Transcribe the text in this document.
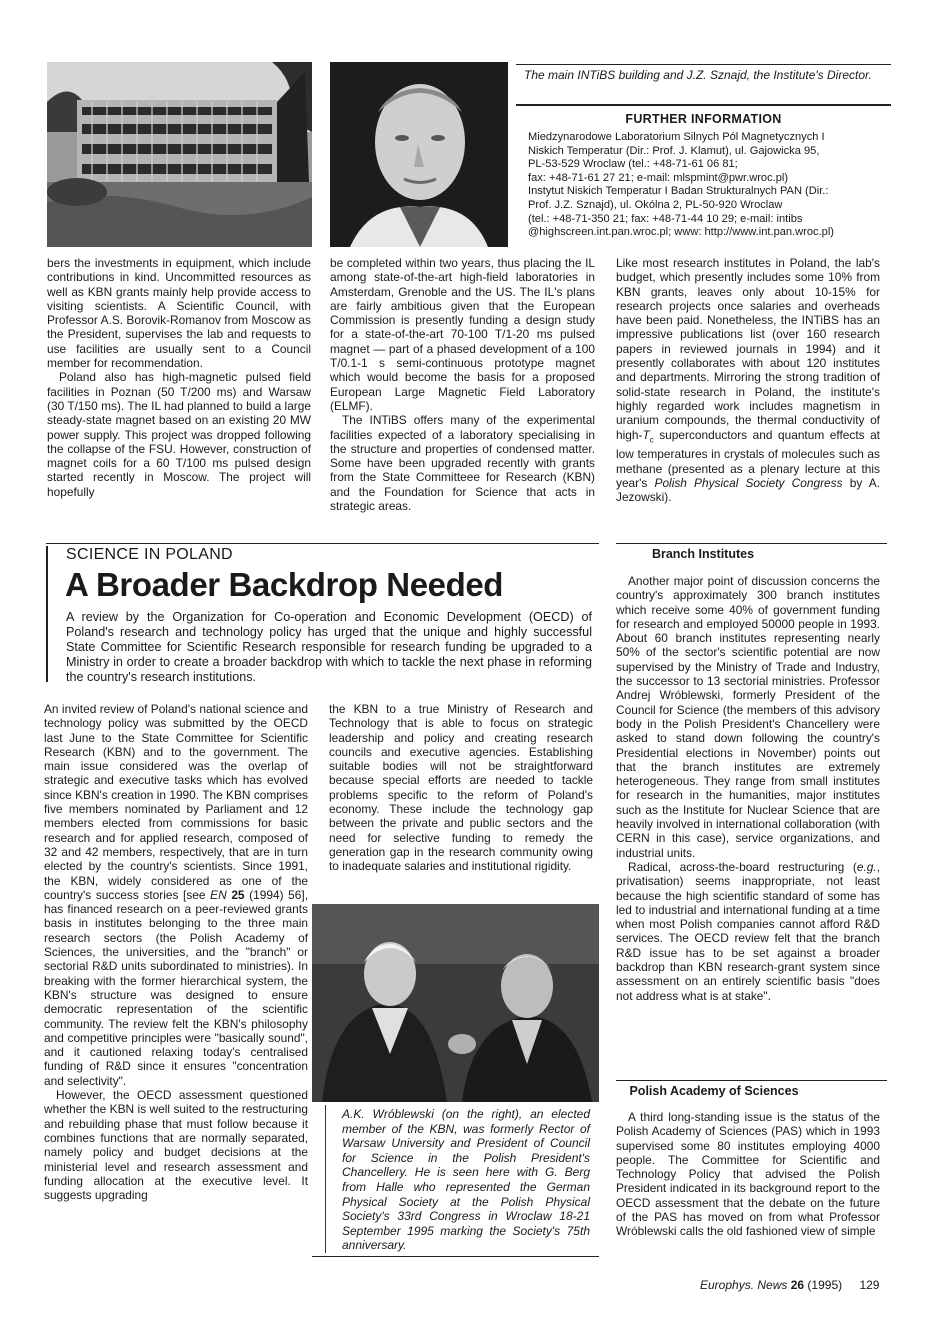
The main INTiBS building and J.Z. Sznajd, the Institute's Director.
FURTHER INFORMATION
Miedzynarodowe Laboratorium Silnych Pól Magnetycznych I
Niskich Temperatur (Dir.: Prof. J. Klamut), ul. Gajowicka 95,
PL-53-529 Wroclaw (tel.: +48-71-61 06 81;
fax: +48-71-61 27 21; e-mail: mlspmint@pwr.wroc.pl)
Instytut Niskich Temperatur I Badan Strukturalnych PAN (Dir.:
Prof. J.Z. Sznajd), ul. Okólna 2, PL-50-920 Wroclaw
(tel.: +48-71-350 21; fax: +48-71-44 10 29; e-mail: intibs
@highscreen.int.pan.wroc.pl; www: http://www.int.pan.wroc.pl)

bers the investments in equipment, which include contributions in kind. Uncommitted resources as well as KBN grants mainly help provide access to visiting scientists. A Scientific Council, with Professor A.S. Borovik-Romanov from Moscow as the President, supervises the lab and requests to use facilities are usually sent to a Council member for recommendation.

Poland also has high-magnetic pulsed field facilities in Poznan (50 T/200 ms) and Warsaw (30 T/150 ms). The IL had planned to build a large steady-state magnet based on an existing 20 MW power supply. This project was dropped following the collapse of the FSU. However, construction of magnet coils for a 60 T/100 ms pulsed design started recently in Moscow. The project will hopefully

be completed within two years, thus placing the IL among state-of-the-art high-field laboratories in Amsterdam, Grenoble and the US. The IL's plans are fairly ambitious given that the European Commission is presently funding a design study for a state-of-the-art 70-100 T/1-20 ms pulsed magnet — part of a phased development of a 100 T/0.1-1 s semi-continuous prototype magnet which would become the basis for a proposed European Large Magnetic Field Laboratory (ELMF).

The INTiBS offers many of the experimental facilities expected of a laboratory specialising in the structure and properties of condensed matter. Some have been upgraded recently with grants from the State Committeee for Research (KBN) and the Foundation for Science that acts in strategic areas.

Like most research institutes in Poland, the lab's budget, which presently includes some 10% from KBN grants, leaves only about 10-15% for research projects once salaries and overheads have been paid. Nonetheless, the INTiBS has an impressive publications list (over 160 research papers in reviewed journals in 1994) and it presently collaborates with about 120 institutes and departments. Mirroring the strong tradition of solid-state research in Poland, the institute's highly regarded work includes magnetism in uranium compounds, the thermal conductivity of high-$T_c$ superconductors and quantum effects at low temperatures in crystals of molecules such as methane (presented as a plenary lecture at this year's Polish Physical Society Congress by A. Jezowski).

SCIENCE IN POLAND
A Broader Backdrop Needed
A review by the Organization for Co-operation and Economic Development (OECD) of Poland's research and technology policy has urged that the unique and highly successful State Committee for Scientific Research responsible for research funding be upgraded to a Ministry in order to create a broader backdrop with which to tackle the next phase in reforming the country's research institutions.

An invited review of Poland's national science and technology policy was submitted by the OECD last June to the State Committee for Scientific Research (KBN) and to the government. The main issue considered was the overlap of strategic and executive tasks which has evolved since KBN's creation in 1990. The KBN comprises five members nominated by Parliament and 12 members elected from commissions for basic research and for applied research, composed of 32 and 42 members, respectively, that are in turn elected by the country's scientists. Since 1991, the KBN, widely considered as one of the country's success stories [see EN 25 (1994) 56], has financed research on a peer-reviewed grants basis in institutes belonging to the three main research sectors (the Polish Academy of Sciences, the universities, and the "branch" or sectorial R&D units subordinated to ministries). In breaking with the former hierarchical system, the KBN's structure was designed to ensure democratic representation of the scientific community. The review felt the KBN's philosophy and competitive principles were "basically sound", and it cautioned relaxing today's centralised funding of R&D since it ensures "concentration and selectivity".

However, the OECD assessment questioned whether the KBN is well suited to the restructuring and rebuilding phase that must follow because it combines functions that are normally separated, namely policy and budget decisions at the ministerial level and research assessment and funding allocation at the executive level. It suggests upgrading

the KBN to a true Ministry of Research and Technology that is able to focus on strategic leadership and policy and creating research councils and executive agencies. Establishing suitable bodies will not be straightforward because special efforts are needed to tackle problems specific to the reform of Poland's economy. These include the technology gap between the private and public sectors and the need for selective funding to remedy the generation gap in the research community owing to inadequate salaries and institutional rigidity.

A.K. Wróblewski (on the right), an elected member of the KBN, was formerly Rector of Warsaw University and President of Council for Science in the Polish President's Chancellery. He is seen here with G. Berg from Halle who represented the German Physical Society at the Polish Physical Society's 33rd Congress in Wroclaw 18-21 September 1995 marking the Society's 75th anniversary.
Branch Institutes

Another major point of discussion concerns the country's approximately 300 branch institutes which receive some 40% of government funding for research and employed 50000 people in 1993. About 60 branch institutes representing nearly 50% of the sector's scientific potential are now supervised by the Ministry of Trade and Industry, the successor to 13 sectorial ministries. Professor Andrej Wróblewski, formerly President of the Council for Science (the members of this advisory body in the Polish President's Chancellery were asked to stand down following the country's Presidential elections in November) points out that the branch institutes are extremely heterogeneous. They range from small institutes for research in the humanities, major institutes such as the Institute for Nuclear Science that are heavily involved in international collaboration (with CERN in this case), service organizations, and industrial units.

Radical, across-the-board restructuring (e.g., privatisation) seems inappropriate, not least because the high scientific standard of some has led to industrial and international funding at a time when most Polish companies cannot afford R&D services. The OECD review felt that the branch R&D issue has to be set against a broader backdrop than KBN research-grant system since assessment on an entirely scientific basis "does not address what is at stake".

Polish Academy of Sciences

A third long-standing issue is the status of the Polish Academy of Sciences (PAS) which in 1993 supervised some 80 institutes employing 4000 people. The Committee for Scientific and Technology Policy that advised the Polish President indicated in its background report to the OECD assessment that the debate on the future of the PAS has moved on from what Professor Wróblewski calls the old fashioned view of simple

Europhys. News 26 (1995) 129
